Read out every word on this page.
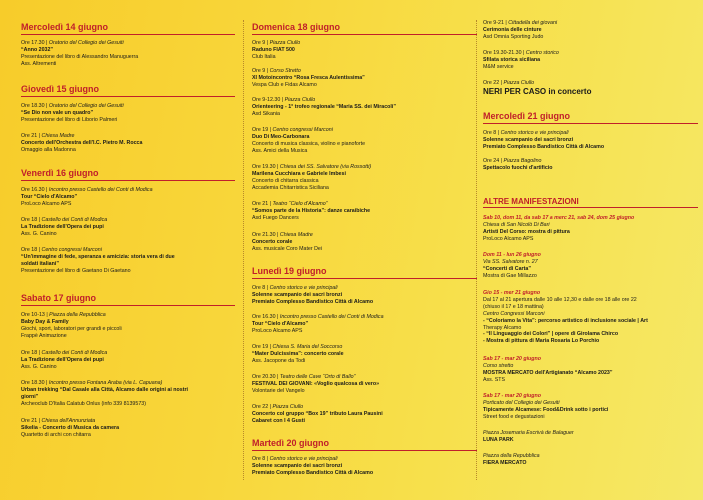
Mercoledì 14 giugno
Ore 17.30 | Oratorio del Collegio dei Gesuiti
“Anno 2032”
Presentazione del libro di Alessandro Manuguerra
Ass. Altrementi
Giovedì 15 giugno
Ore 18.30 | Oratorio del Collegio dei Gesuiti
“Se Dio non vale un quadro”
Presentazione del libro di Liborio Palmeri
Ore 21 | Chiesa Madre
Concerto dell'Orchestra dell'I.C. Pietro M. Rocca
Omaggio alla Madonna
Venerdì 16 giugno
Ore 16.30 | Incontro presso Castello dei Conti di Modica
Tour “Cielo d'Alcamo”
ProLoco Alcamo APS
Ore 18 | Castello dei Conti di Modica
La Tradizione dell'Opera dei pupi
Ass. G. Canino
Ore 18 | Centro congressi Marconi
“Un'immagine di fede, speranza e amicizia: storia vera di due
soldati italiani”
Presentazione del libro di Gaetano Di Gaetano
Sabato 17 giugno
Ore 10-13 | Piazza della Repubblica
Baby Day & Family
Giochi, sport, laboratori per grandi e piccoli
Frappè Animazione
Ore 18 | Castello dei Conti di Modica
La Tradizione dell'Opera dei pupi
Ass. G. Canino
Ore 18.30 | Incontro presso Fontana Araba (via L. Capuana)
Urban trekking “Dal Casale alla Città, Alcamo dalle origini ai nostri
giorni”
Archeoclub D'Italia Calatub Onlus (info 339 8139573)
Ore 21 | Chiesa dell'Annunziata
Sikelia - Concerto di Musica da camera
Quartetto di archi con chitarra
Domenica 18 giugno
Ore 9 | Piazza Ciullo
Raduno FIAT 500
Club Italia
Ore 9 | Corso Stretto
XI Motoincontro “Rosa Fresca Aulentissima”
Vespa Club e Fidas Alcamo
Ore 9-12.30 | Piazza Ciullo
Orienteering - 1° trofeo regionale “Maria SS. dei Miracoli”
Asd Sikania
Ore 19 | Centro congressi Marconi
Duo Di Meo-Carbonara
Concerto di musica classica, violino e pianoforte
Ass. Amici della Musica
Ore 19.30 | Chiesa dei SS. Salvatore (via Rossotti)
Marilena Cucchiara e Gabriele Imbesi
Concerto di chitarra classica
Accademia Chitarristica Siciliana
Ore 21 | Teatro “Cielo d'Alcamo”
“Somos parte de la Historia”: danze caraibiche
Asd Fuego Dancers
Ore 21.30 | Chiesa Madre
Concerto corale
Ass. musicale Coro Mater Dei
Lunedì 19 giugno
Ore 8 | Centro storico e vie principali
Solenne scampanio dei sacri bronzi
Premiato Complesso Bandistico Città di Alcamo
Ore 16.30 | Incontro presso Castello dei Conti di Modica
Tour “Cielo d'Alcamo”
ProLoco Alcamo APS
Ore 19 | Chiesa S. Maria del Soccorso
“Mater Dulcissima”: concerto corale
Ass. Jacopone da Todi
Ore 20.30 | Teatro delle Cave “Orto di Ballo”
FESTIVAL DEI GIOVANI: «Voglio qualcosa di vero»
Volontarie del Vangelo
Ore 22 | Piazza Ciullo
Concerto col gruppo “Box 19” tributo Laura Pausini
Cabaret con I 4 Gusti
Martedì 20 giugno
Ore 8 | Centro storico e vie principali
Solenne scampanio dei sacri bronzi
Premiato Complesso Bandistico Città di Alcamo
Ore 9-21 | Cittadella dei giovani
Cerimonia delle cinture
Asd Omnia Sporting Judo
Ore 19.30-21.30 | Centro storico
Sfilata storica siciliana
M&M service
Ore 22 | Piazza Ciullo
NERI PER CASO in concerto
Mercoledì 21 giugno
Ore 8 | Centro storico e vie principali
Solenne scampanio dei sacri bronzi
Premiato Complesso Bandistico Città di Alcamo
Ore 24 | Piazza Bagolino
Spettacolo fuochi d'artificio
ALTRE MANIFESTAZIONI
Sab 10, dom 11, da sab 17 a merc 21, sab 24, dom 25 giugno
Chiesa di San Nicolò Di Bari
Artisti Del Corso: mostra di pittura
ProLoco Alcamo APS
Dom 11 - lun 26 giugno
Via SS. Salvatore n. 27
“Concerti di Carta”
Mostra di Gae Millazzo
Gio 15 - mer 21 giugno
Dal 17 al 21 apertura dalle 10 alle 12,30 e dalle ore 18 alle ore 22
(chiuso il 17 e 18 mattina)
Centro Congressi Marconi
- “Coloriamo la Vita”: percorso artistico di inclusione sociale | Art
Therapy Alcamo
- “Il Linguaggio dei Colori” | opere di Girolama Chirco
- Mostra di pittura di Maria Rosaria Lo Porchio
Sab 17 - mar 20 giugno
Corso stretto
MOSTRA MERCATO dell'Artigianato “Alcamo 2023”
Ass. STS
Sab 17 - mar 20 giugno
Porticato del Collegio dei Gesuiti
Tipicamente Alcamese: Food&Drink sotto i portici
Street food e degustazioni
Piazza Josemaria Escrivà de Balaguer
LUNA PARK
Piazza della Repubblica
FIERA MERCATO
